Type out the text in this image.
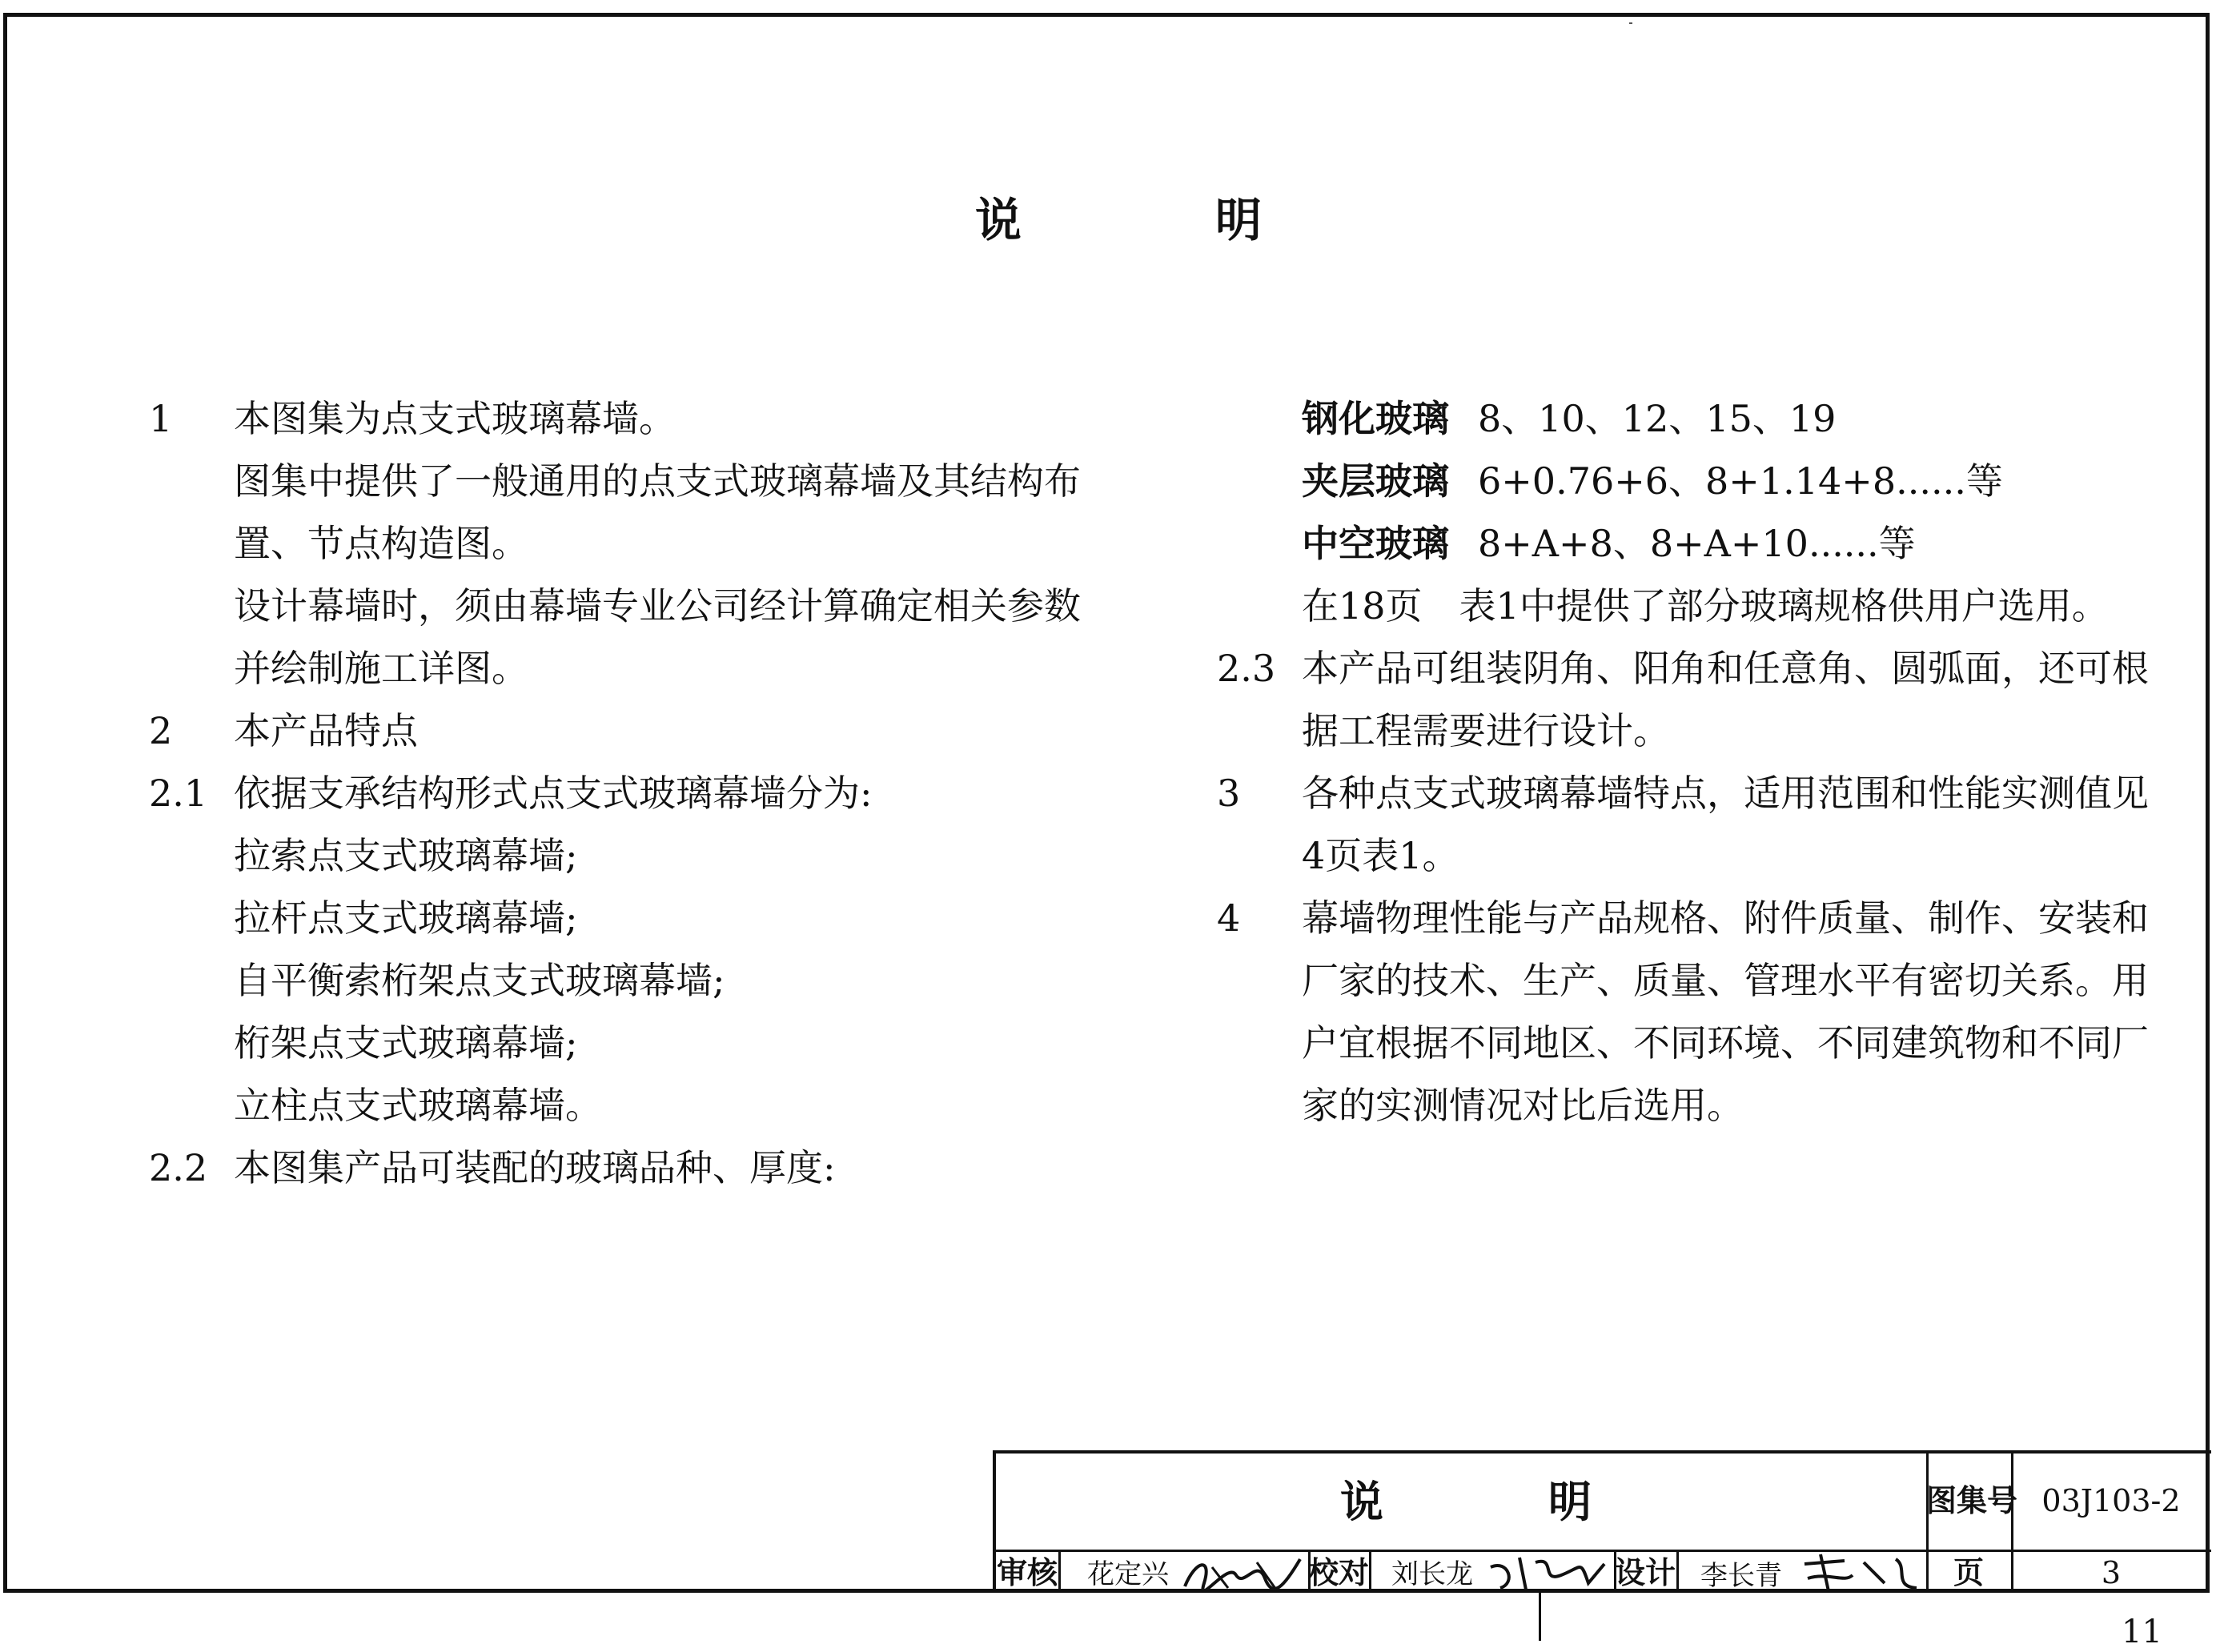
说	明
1 本图集为点支式玻璃幕墙。
图集中提供了一般通用的点支式玻璃幕墙及其结构布
置、节点构造图。
设计幕墙时，须由幕墙专业公司经计算确定相关参数
并绘制施工详图。
2 本产品特点
2.1 依据支承结构形式点支式玻璃幕墙分为:
拉索点支式玻璃幕墙;
拉杆点支式玻璃幕墙;
自平衡索桁架点支式玻璃幕墙;
桁架点支式玻璃幕墙;
立柱点支式玻璃幕墙。
2.2 本图集产品可装配的玻璃品种、厚度:
钢化玻璃 8、10、12、15、19
夹层玻璃 6+0.76+6、8+1.14+8......等
中空玻璃 8+A+8、8+A+10......等
在18页　表1中提供了部分玻璃规格供用户选用。
2.3 本产品可组装阴角、阳角和任意角、圆弧面，还可根
据工程需要进行设计。
3 各种点支式玻璃幕墙特点，适用范围和性能实测值见
4页表1。
4 幕墙物理性能与产品规格、附件质量、制作、安装和
厂家的技术、生产、质量、管理水平有密切关系。用
户宜根据不同地区、不同环境、不同建筑物和不同厂
家的实测情况对比后选用。
说	明	图集号 03J103-2
审核	花定兴	校对 刘长龙	设计 李长青	页	3
11
